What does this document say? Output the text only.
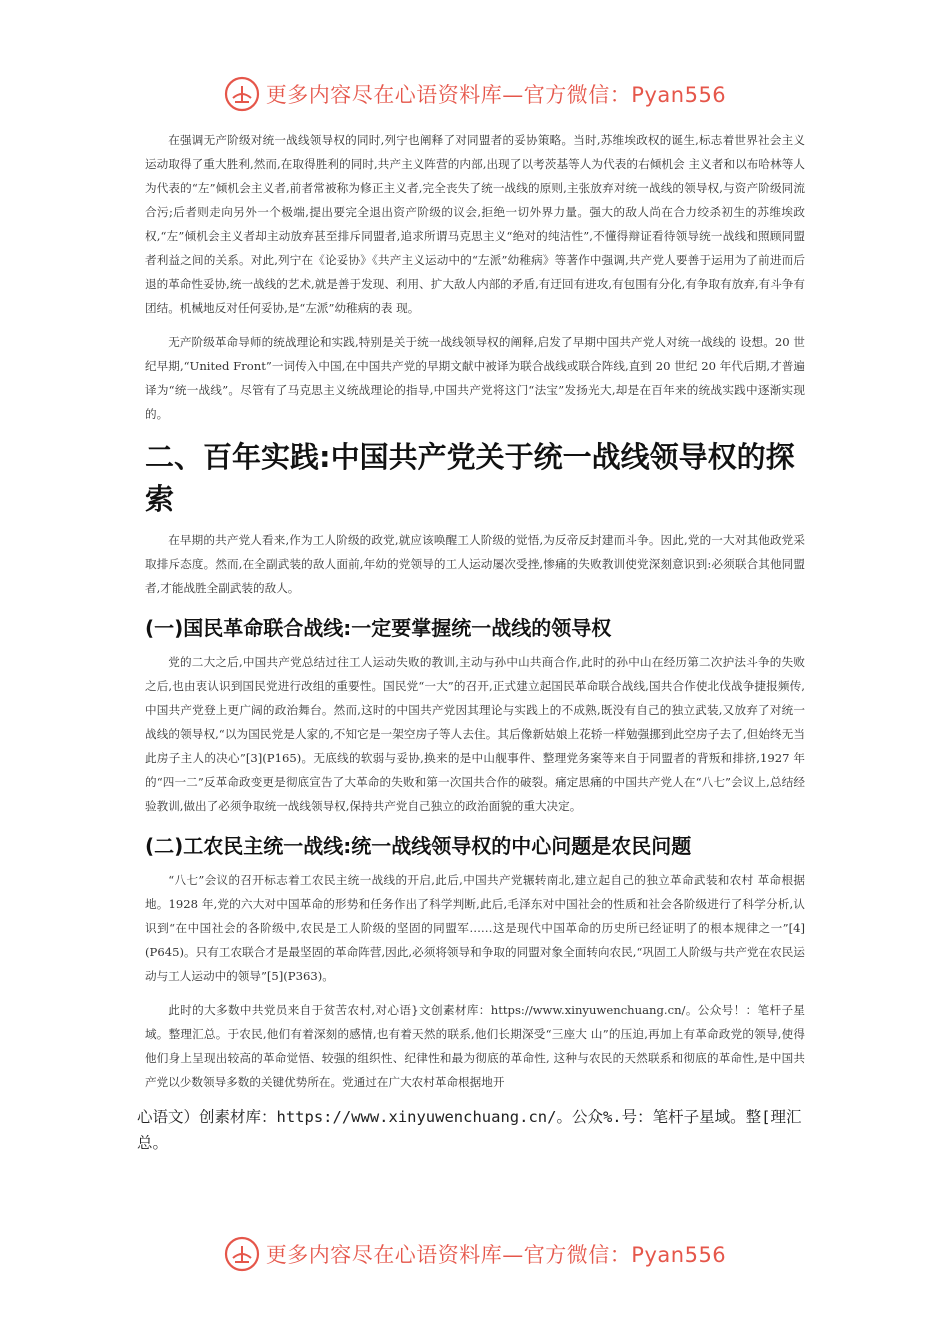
更多内容尽在心语资料库—官方微信：Pyan556

在强调无产阶级对统一战线领导权的同时,列宁也阐释了对同盟者的妥协策略。当时,苏维埃政权的诞生,标志着世界社会主义运动取得了重大胜利,然而,在取得胜利的同时,共产主义阵营的内部,出现了以考茨基等人为代表的右倾机会 主义者和以布哈林等人为代表的“左”倾机会主义者,前者常被称为修正主义者,完全丧失了统一战线的原则,主张放弃对统一战线的领导权,与资产阶级同流合污;后者则走向另外一个极端,提出要完全退出资产阶级的议会,拒绝一切外界力量。强大的敌人尚在合力绞杀初生的苏维埃政权,“左”倾机会主义者却主动放弃甚至排斥同盟者,追求所谓马克思主义“绝对的纯洁性”,不懂得辩证看待领导统一战线和照顾同盟者利益之间的关系。对此,列宁在《论妥协》《共产主义运动中的“左派”幼稚病》等著作中强调,共产党人要善于运用为了前进而后退的革命性妥协,统一战线的艺术,就是善于发现、利用、扩大敌人内部的矛盾,有迂回有进攻,有包围有分化,有争取有放弃,有斗争有团结。机械地反对任何妥协,是“左派”幼稚病的表 现。

无产阶级革命导师的统战理论和实践,特别是关于统一战线领导权的阐释,启发了早期中国共产党人对统一战线的 设想。20 世纪早期,“United Front”一词传入中国,在中国共产党的早期文献中被译为联合战线或联合阵线,直到 20 世纪 20 年代后期,才普遍译为“统一战线”。尽管有了马克思主义统战理论的指导,中国共产党将这门“法宝”发扬光大,却是在百年来的统战实践中逐渐实现的。

二、百年实践:中国共产党关于统一战线领导权的探索

在早期的共产党人看来,作为工人阶级的政党,就应该唤醒工人阶级的觉悟,为反帝反封建而斗争。因此,党的一大对其他政党采取排斥态度。然而,在全副武装的敌人面前,年幼的党领导的工人运动屡次受挫,惨痛的失败教训使党深刻意识到:必须联合其他同盟者,才能战胜全副武装的敌人。

(一)国民革命联合战线:一定要掌握统一战线的领导权

党的二大之后,中国共产党总结过往工人运动失败的教训,主动与孙中山共商合作,此时的孙中山在经历第二次护法斗争的失败之后,也由衷认识到国民党进行改组的重要性。国民党“一大”的召开,正式建立起国民革命联合战线,国共合作使北伐战争捷报频传,中国共产党登上更广阔的政治舞台。然而,这时的中国共产党因其理论与实践上的不成熟,既没有自己的独立武装,又放弃了对统一战线的领导权,“以为国民党是人家的,不知它是一架空房子等人去住。其后像新姑娘上花轿一样勉强挪到此空房子去了,但始终无当此房子主人的决心”[3](P165)。无底线的软弱与妥协,换来的是中山舰事件、整理党务案等来自于同盟者的背叛和排挤,1927 年的“四一二”反革命政变更是彻底宣告了大革命的失败和第一次国共合作的破裂。痛定思痛的中国共产党人在“八七”会议上,总结经验教训,做出了必须争取统一战线领导权,保持共产党自己独立的政治面貌的重大决定。

(二)工农民主统一战线:统一战线领导权的中心问题是农民问题

“八七”会议的召开标志着工农民主统一战线的开启,此后,中国共产党辗转南北,建立起自己的独立革命武装和农村 革命根据地。1928 年,党的六大对中国革命的形势和任务作出了科学判断,此后,毛泽东对中国社会的性质和社会各阶级进行了科学分析,认识到“在中国社会的各阶级中,农民是工人阶级的坚固的同盟军……这是现代中国革命的历史所已经证明了的根本规律之一”[4](P645)。只有工农联合才是最坚固的革命阵营,因此,必须将领导和争取的同盟对象全面转向农民,“巩固工人阶级与共产党在农民运动与工人运动中的领导”[5](P363)。

此时的大多数中共党员来自于贫苦农村,对心语}文创素材库：https://www.xinyuwenchuang.cn/。公众号！：笔杆子星域。整理汇总。于农民,他们有着深刻的感情,也有着天然的联系,他们长期深受“三座大 山”的压迫,再加上有革命政党的领导,使得他们身上呈现出较高的革命觉悟、较强的组织性、纪律性和最为彻底的革命性, 这种与农民的天然联系和彻底的革命性,是中国共产党以少数领导多数的关键优势所在。党通过在广大农村革命根据地开

心语文）创素材库：https://www.xinyuwenchuang.cn/。公众%.号：笔杆子星域。整[理汇总。

更多内容尽在心语资料库—官方微信：Pyan556
